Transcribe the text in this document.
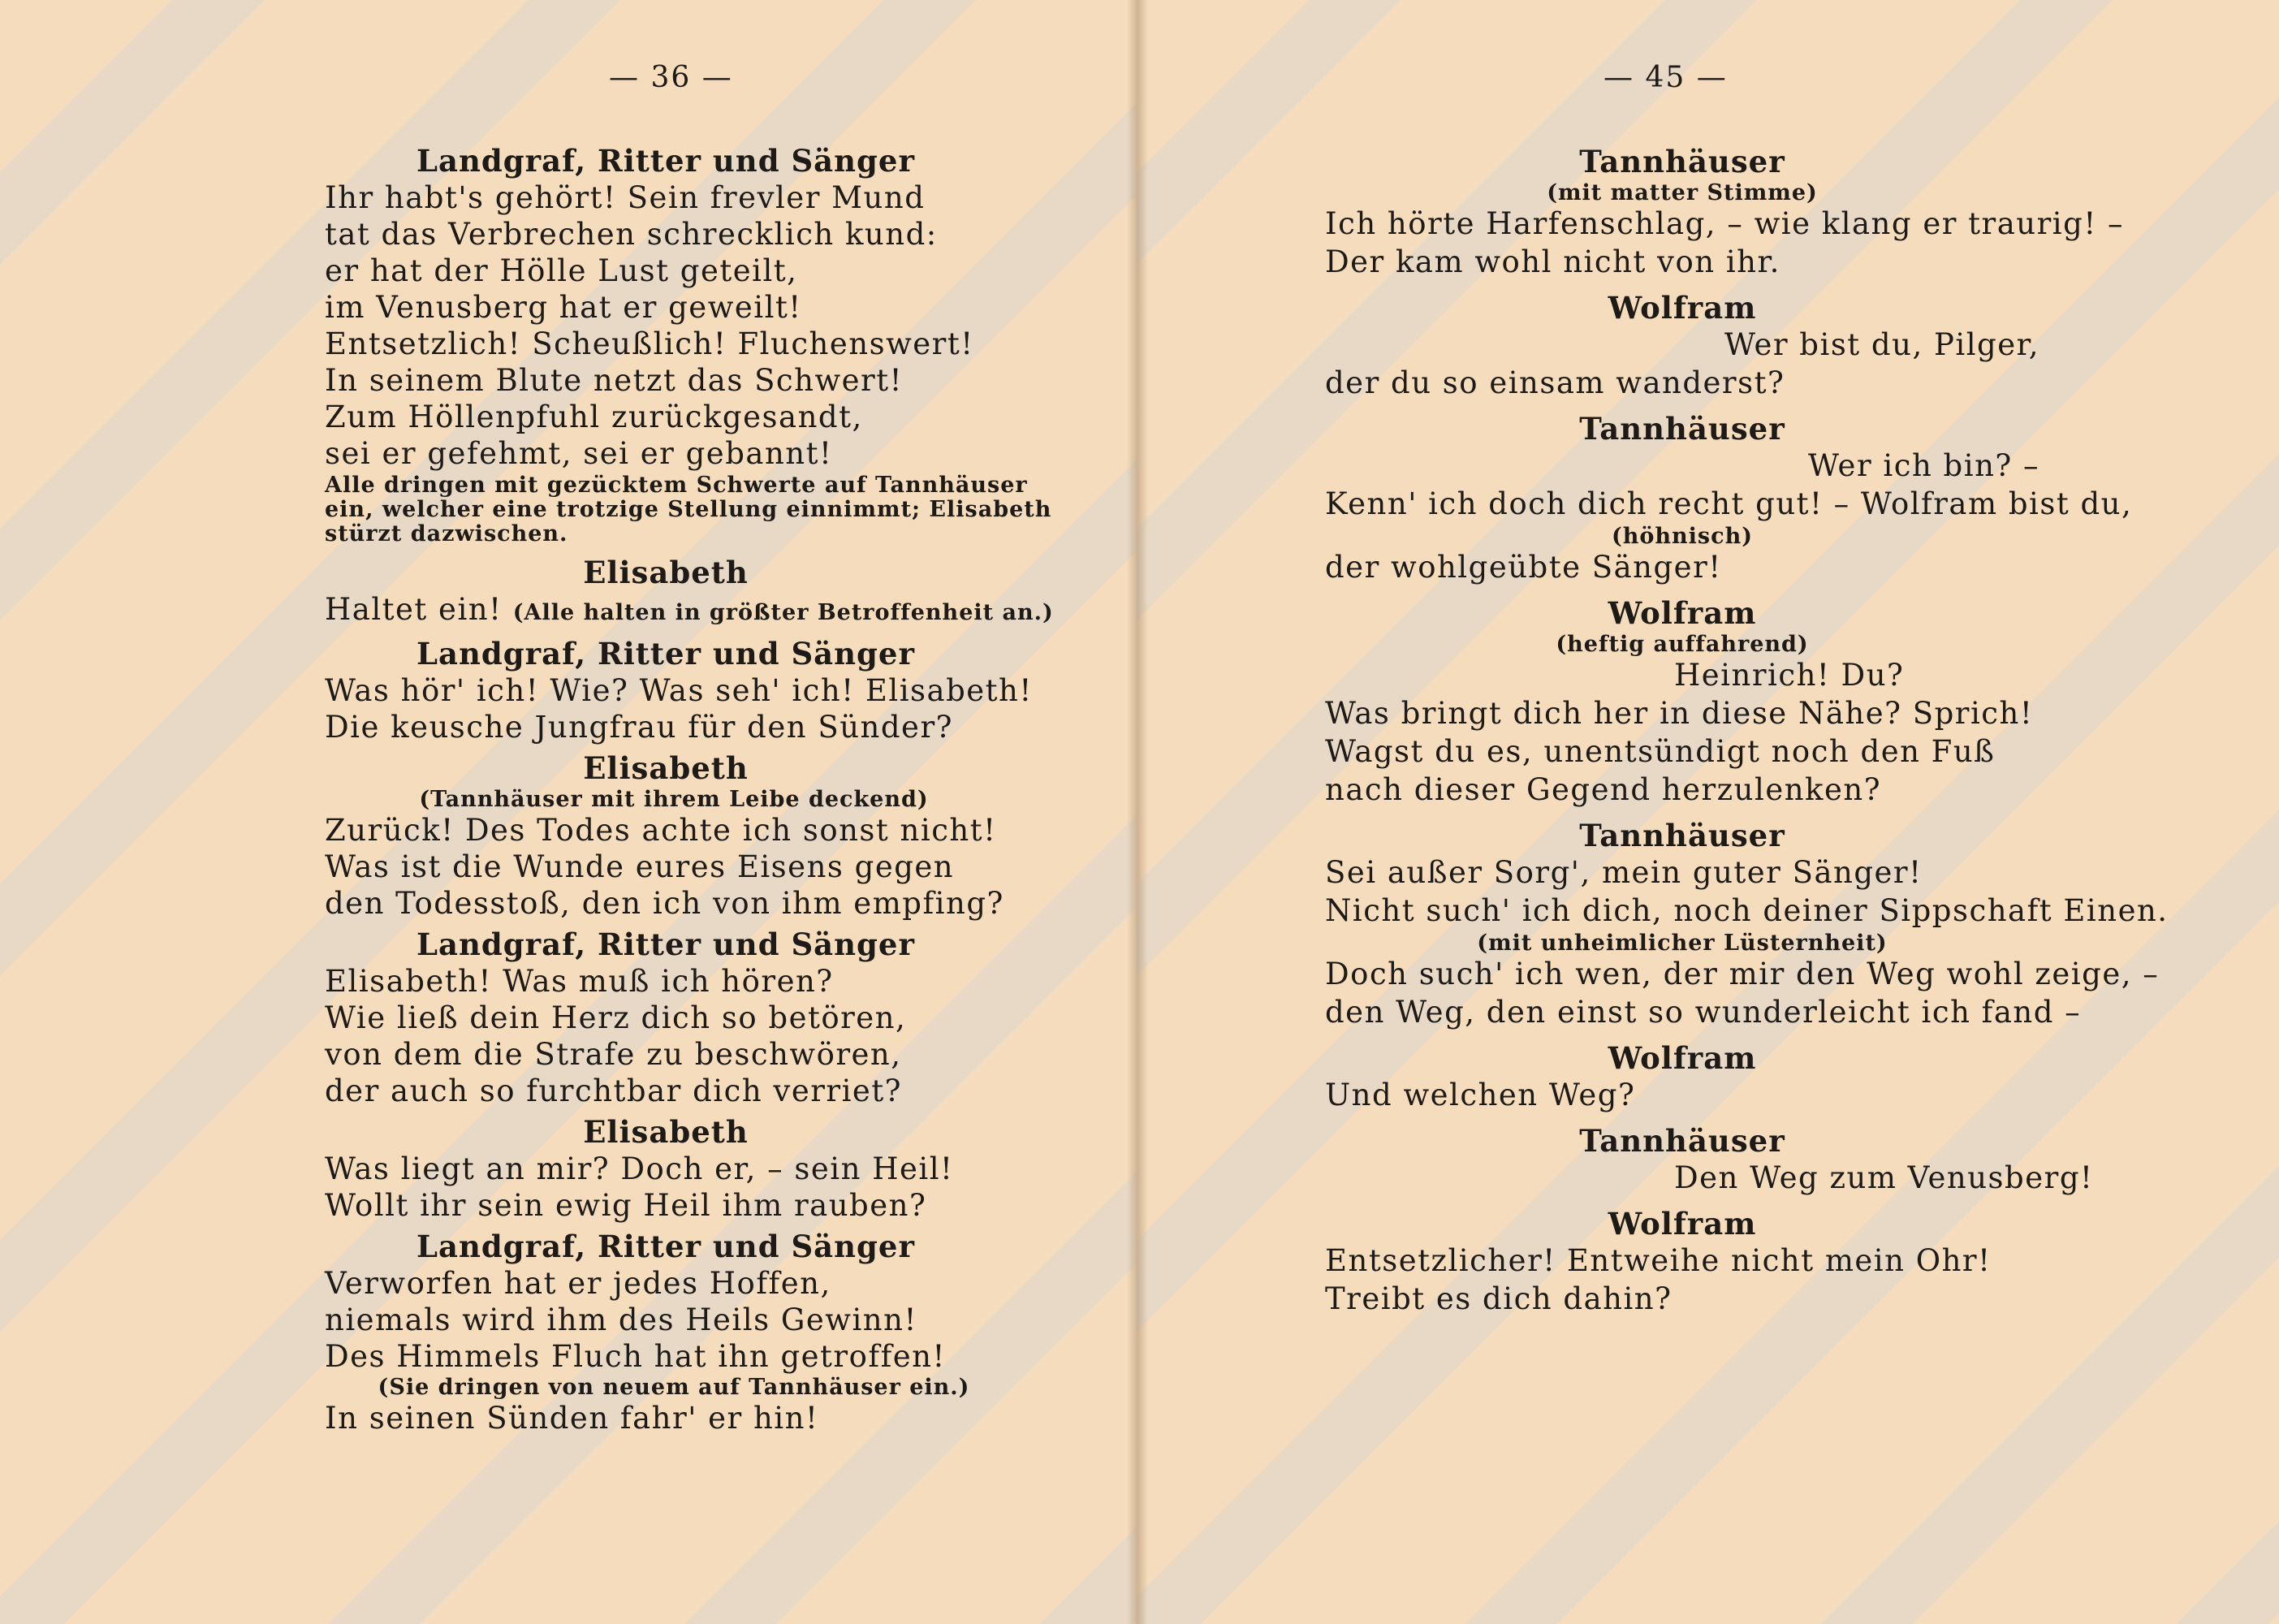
— 36 —
Landgraf, Ritter und Sänger
Ihr habt's gehört! Sein frevler Mund
tat das Verbrechen schrecklich kund:
er hat der Hölle Lust geteilt,
im Venusberg hat er geweilt!
Entsetzlich! Scheußlich! Fluchenswert!
In seinem Blute netzt das Schwert!
Zum Höllenpfuhl zurückgesandt,
sei er gefehmt, sei er gebannt!
Alle dringen mit gezücktem Schwerte auf Tannhäuser
ein, welcher eine trotzige Stellung einnimmt; Elisabeth
stürzt dazwischen.
Elisabeth
Haltet ein! (Alle halten in größter Betroffenheit an.)
Landgraf, Ritter und Sänger
Was hör' ich! Wie? Was seh' ich! Elisabeth!
Die keusche Jungfrau für den Sünder?
Elisabeth
(Tannhäuser mit ihrem Leibe deckend)
Zurück! Des Todes achte ich sonst nicht!
Was ist die Wunde eures Eisens gegen
den Todesstoß, den ich von ihm empfing?
Landgraf, Ritter und Sänger
Elisabeth! Was muß ich hören?
Wie ließ dein Herz dich so betören,
von dem die Strafe zu beschwören,
der auch so furchtbar dich verriet?
Elisabeth
Was liegt an mir? Doch er, – sein Heil!
Wollt ihr sein ewig Heil ihm rauben?
Landgraf, Ritter und Sänger
Verworfen hat er jedes Hoffen,
niemals wird ihm des Heils Gewinn!
Des Himmels Fluch hat ihn getroffen!
(Sie dringen von neuem auf Tannhäuser ein.)
In seinen Sünden fahr' er hin!
— 45 —
Tannhäuser
(mit matter Stimme)
Ich hörte Harfenschlag, – wie klang er traurig! –
Der kam wohl nicht von ihr.
Wolfram
Wer bist du, Pilger,
der du so einsam wanderst?
Tannhäuser
Wer ich bin? –
Kenn' ich doch dich recht gut! – Wolfram bist du,
(höhnisch)
der wohlgeübte Sänger!
Wolfram
(heftig auffahrend)
Heinrich! Du?
Was bringt dich her in diese Nähe? Sprich!
Wagst du es, unentsündigt noch den Fuß
nach dieser Gegend herzulenken?
Tannhäuser
Sei außer Sorg', mein guter Sänger!
Nicht such' ich dich, noch deiner Sippschaft Einen.
(mit unheimlicher Lüsternheit)
Doch such' ich wen, der mir den Weg wohl zeige, –
den Weg, den einst so wunderleicht ich fand –
Wolfram
Und welchen Weg?
Tannhäuser
Den Weg zum Venusberg!
Wolfram
Entsetzlicher! Entweihe nicht mein Ohr!
Treibt es dich dahin?
